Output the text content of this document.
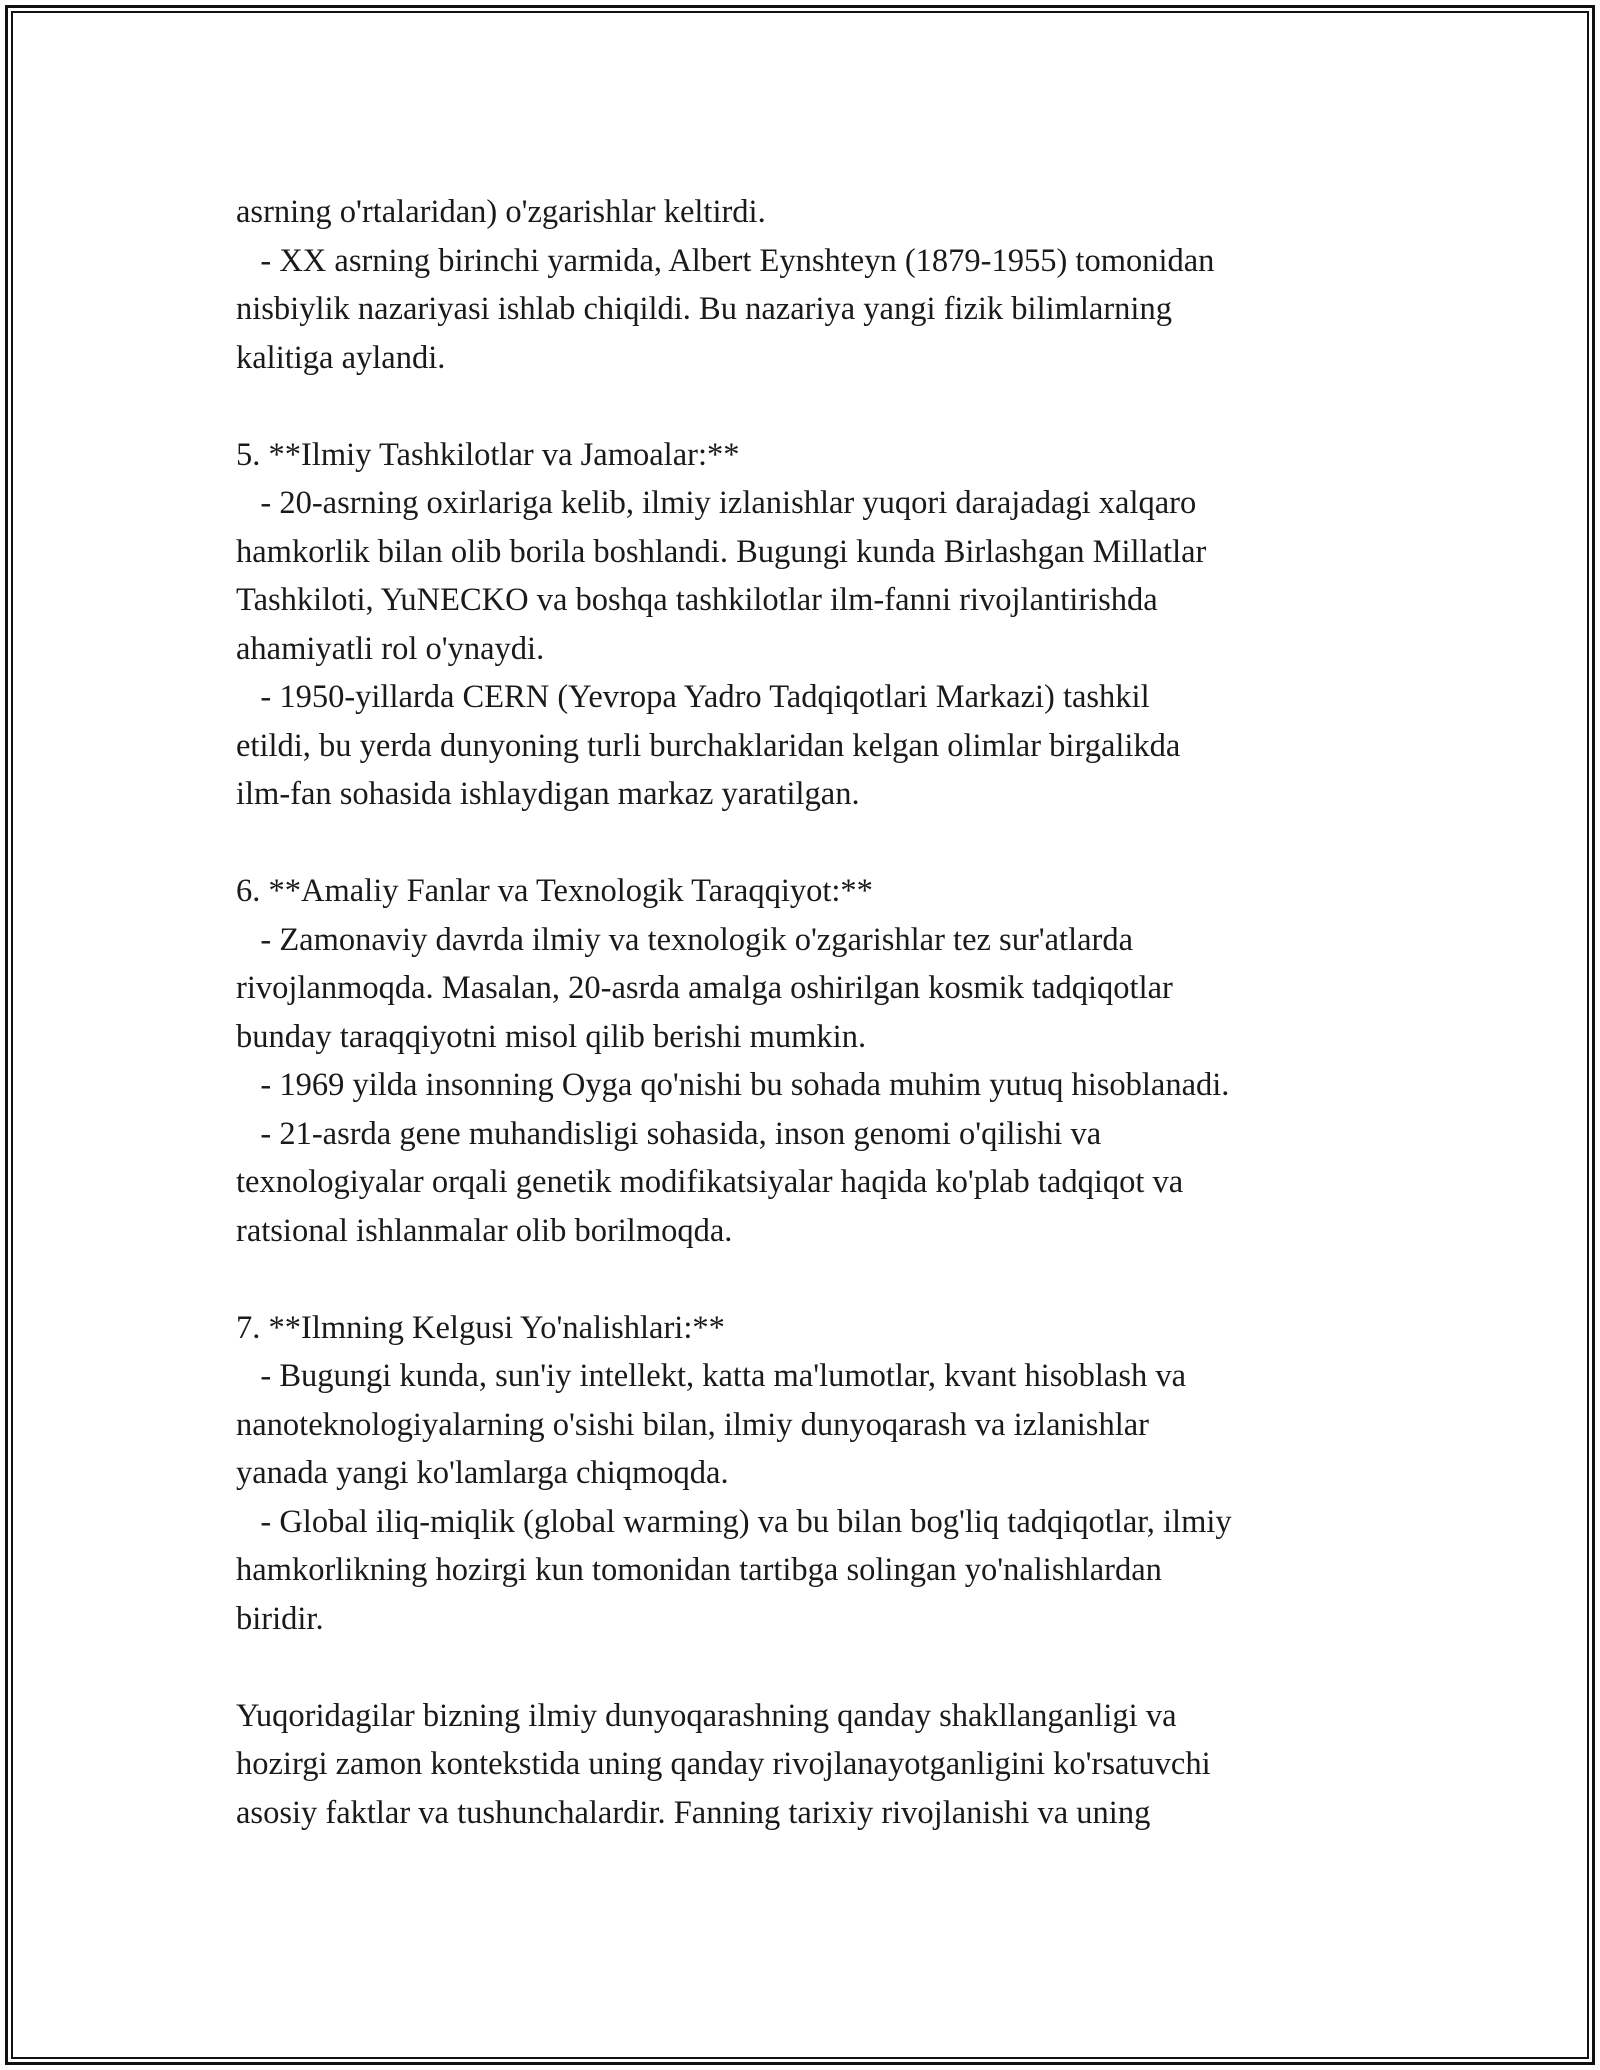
asrning o'rtalaridan) o'zgarishlar keltirdi.
- XX asrning birinchi yarmida, Albert Eynshteyn (1879-1955) tomonidan
nisbiylik nazariyasi ishlab chiqildi. Bu nazariya yangi fizik bilimlarning
kalitiga aylandi.
5. **Ilmiy Tashkilotlar va Jamoalar:**
- 20-asrning oxirlariga kelib, ilmiy izlanishlar yuqori darajadagi xalqaro
hamkorlik bilan olib borila boshlandi. Bugungi kunda Birlashgan Millatlar
Tashkiloti, YuNECKO va boshqa tashkilotlar ilm-fanni rivojlantirishda
ahamiyatli rol o'ynaydi.
- 1950-yillarda CERN (Yevropa Yadro Tadqiqotlari Markazi) tashkil
etildi, bu yerda dunyoning turli burchaklaridan kelgan olimlar birgalikda
ilm-fan sohasida ishlaydigan markaz yaratilgan.
6. **Amaliy Fanlar va Texnologik Taraqqiyot:**
- Zamonaviy davrda ilmiy va texnologik o'zgarishlar tez sur'atlarda
rivojlanmoqda. Masalan, 20-asrda amalga oshirilgan kosmik tadqiqotlar
bunday taraqqiyotni misol qilib berishi mumkin.
- 1969 yilda insonning Oyga qo'nishi bu sohada muhim yutuq hisoblanadi.
- 21-asrda gene muhandisligi sohasida, inson genomi o'qilishi va
texnologiyalar orqali genetik modifikatsiyalar haqida ko'plab tadqiqot va
ratsional ishlanmalar olib borilmoqda.
7. **Ilmning Kelgusi Yo'nalishlari:**
- Bugungi kunda, sun'iy intellekt, katta ma'lumotlar, kvant hisoblash va
nanoteknologiyalarning o'sishi bilan, ilmiy dunyoqarash va izlanishlar
yanada yangi ko'lamlarga chiqmoqda.
- Global iliq-miqlik (global warming) va bu bilan bog'liq tadqiqotlar, ilmiy
hamkorlikning hozirgi kun tomonidan tartibga solingan yo'nalishlardan
biridir.
Yuqoridagilar bizning ilmiy dunyoqarashning qanday shakllanganligi va
hozirgi zamon kontekstida uning qanday rivojlanayotganligini ko'rsatuvchi
asosiy faktlar va tushunchalardir. Fanning tarixiy rivojlanishi va uning
